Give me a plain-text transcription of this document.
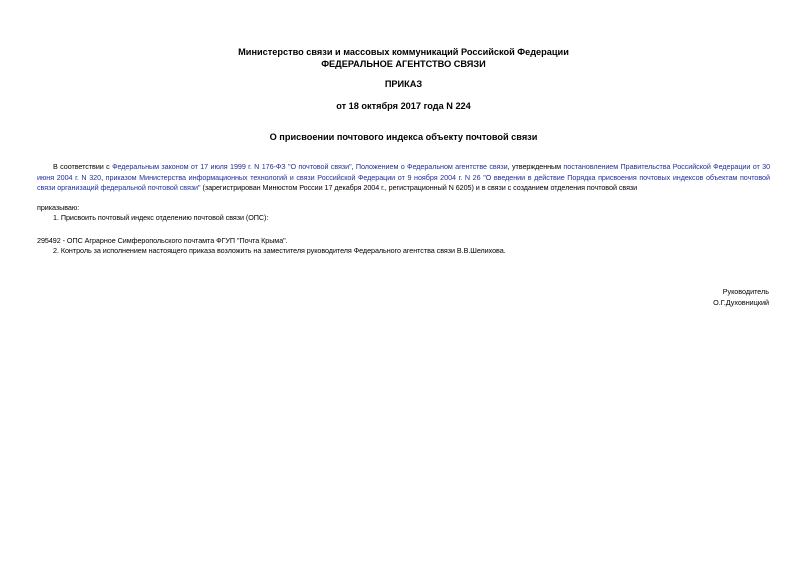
Министерство связи и массовых коммуникаций Российской Федерации
ФЕДЕРАЛЬНОЕ АГЕНТСТВО СВЯЗИ
ПРИКАЗ
от 18 октября 2017 года N 224
О присвоении почтового индекса объекту почтовой связи
В соответствии с Федеральным законом от 17 июля 1999 г. N 176-ФЗ "О почтовой связи", Положением о Федеральном агентстве связи, утвержденным постановлением Правительства Российской Федерации от 30 июня 2004 г. N 320, приказом Министерства информационных технологий и связи Российской Федерации от 9 ноября 2004 г. N 26 "О введении в действие Порядка присвоения почтовых индексов объектам почтовой связи организаций федеральной почтовой связи" (зарегистрирован Минюстом России 17 декабря 2004 г., регистрационный N 6205) и в связи с созданием отделения почтовой связи
приказываю:
1. Присвоить почтовый индекс отделению почтовой связи (ОПС):
295492 - ОПС Аграрное Симферопольского почтамта ФГУП "Почта Крыма".
2. Контроль за исполнением настоящего приказа возложить на заместителя руководителя Федерального агентства связи В.В.Шелихова.
Руководитель
О.Г.Духовницкий
